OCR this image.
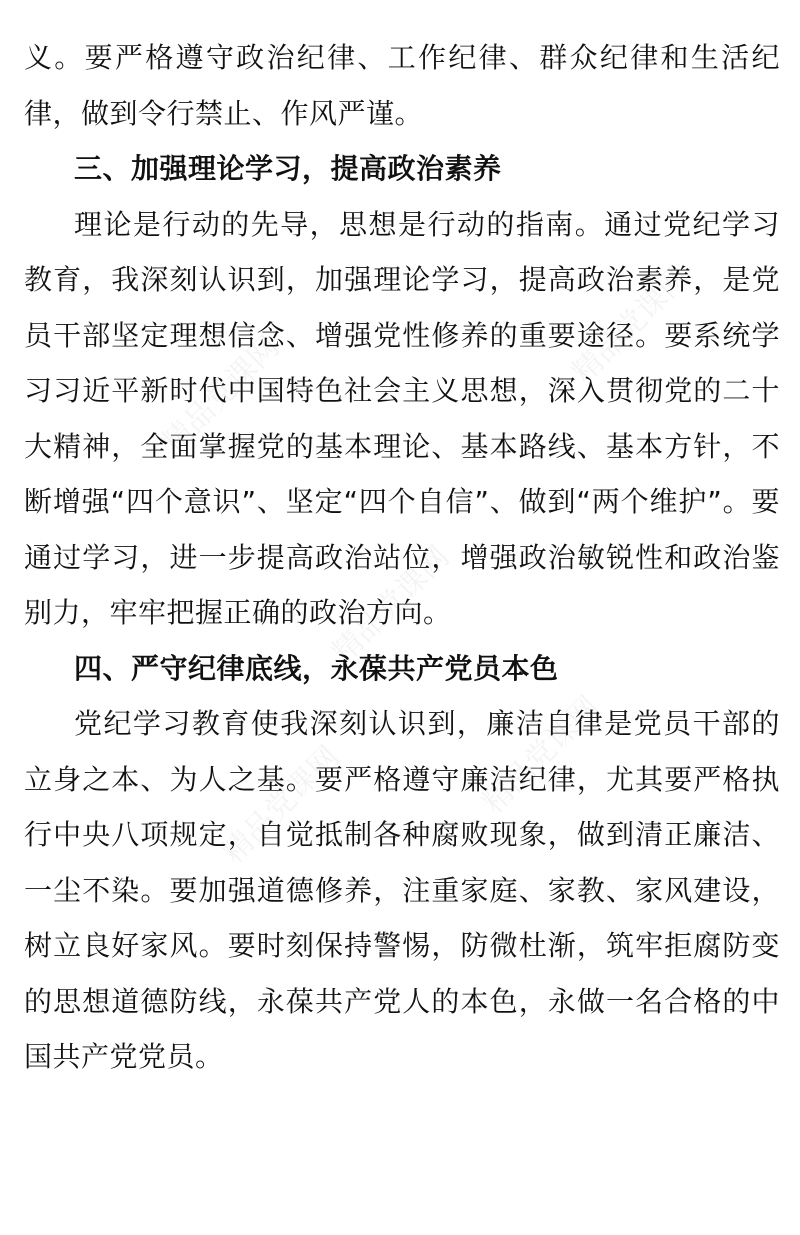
义。要严格遵守政治纪律、工作纪律、群众纪律和生活纪律，做到令行禁止、作风严谨。

三、加强理论学习，提高政治素养

理论是行动的先导，思想是行动的指南。通过党纪学习教育，我深刻认识到，加强理论学习，提高政治素养，是党员干部坚定理想信念、增强党性修养的重要途径。要系统学习习近平新时代中国特色社会主义思想，深入贯彻党的二十大精神，全面掌握党的基本理论、基本路线、基本方针，不断增强“四个意识”、坚定“四个自信”、做到“两个维护”。要通过学习，进一步提高政治站位，增强政治敏锐性和政治鉴别力，牢牢把握正确的政治方向。

四、严守纪律底线，永葆共产党员本色

党纪学习教育使我深刻认识到，廉洁自律是党员干部的立身之本、为人之基。要严格遵守廉洁纪律，尤其要严格执行中央八项规定，自觉抵制各种腐败现象，做到清正廉洁、一尘不染。要加强道德修养，注重家庭、家教、家风建设，树立良好家风。要时刻保持警惕，防微杜渐，筑牢拒腐防变的思想道德防线，永葆共产党人的本色，永做一名合格的中国共产党党员。
